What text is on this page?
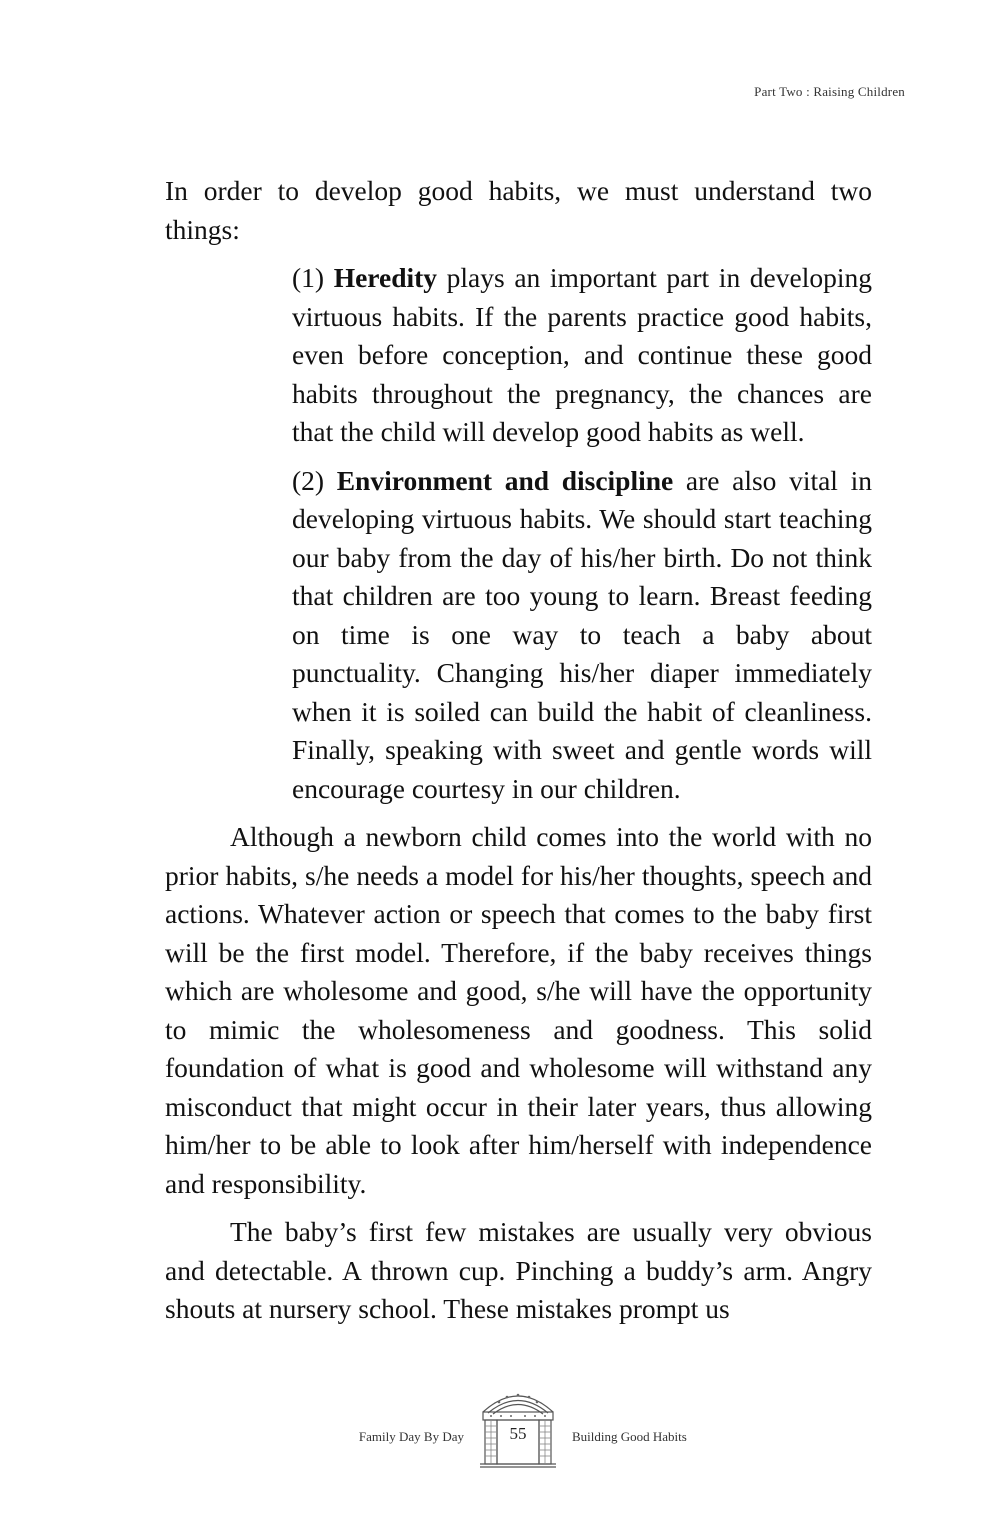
Part Two : Raising Children

In order to develop good habits, we must understand two things:

(1) Heredity plays an important part in developing virtuous habits. If the parents practice good habits, even before conception, and continue these good habits throughout the pregnancy, the chances are that the child will develop good habits as well.

(2) Environment and discipline are also vital in developing virtuous habits. We should start teaching our baby from the day of his/her birth. Do not think that children are too young to learn. Breast feeding on time is one way to teach a baby about punctuality. Changing his/her diaper immediately when it is soiled can build the habit of cleanliness. Finally, speaking with sweet and gentle words will encourage courtesy in our children.

Although a newborn child comes into the world with no prior habits, s/he needs a model for his/her thoughts, speech and actions. Whatever action or speech that comes to the baby first will be the first model. Therefore, if the baby receives things which are wholesome and good, s/he will have the opportunity to mimic the wholesomeness and goodness. This solid foundation of what is good and wholesome will withstand any misconduct that might occur in their later years, thus allowing him/her to be able to look after him/herself with independence and responsibility.

The baby’s first few mistakes are usually very obvious and detectable. A thrown cup. Pinching a buddy’s arm. Angry shouts at nursery school. These mistakes prompt us

Family Day By Day	55	Building Good Habits
